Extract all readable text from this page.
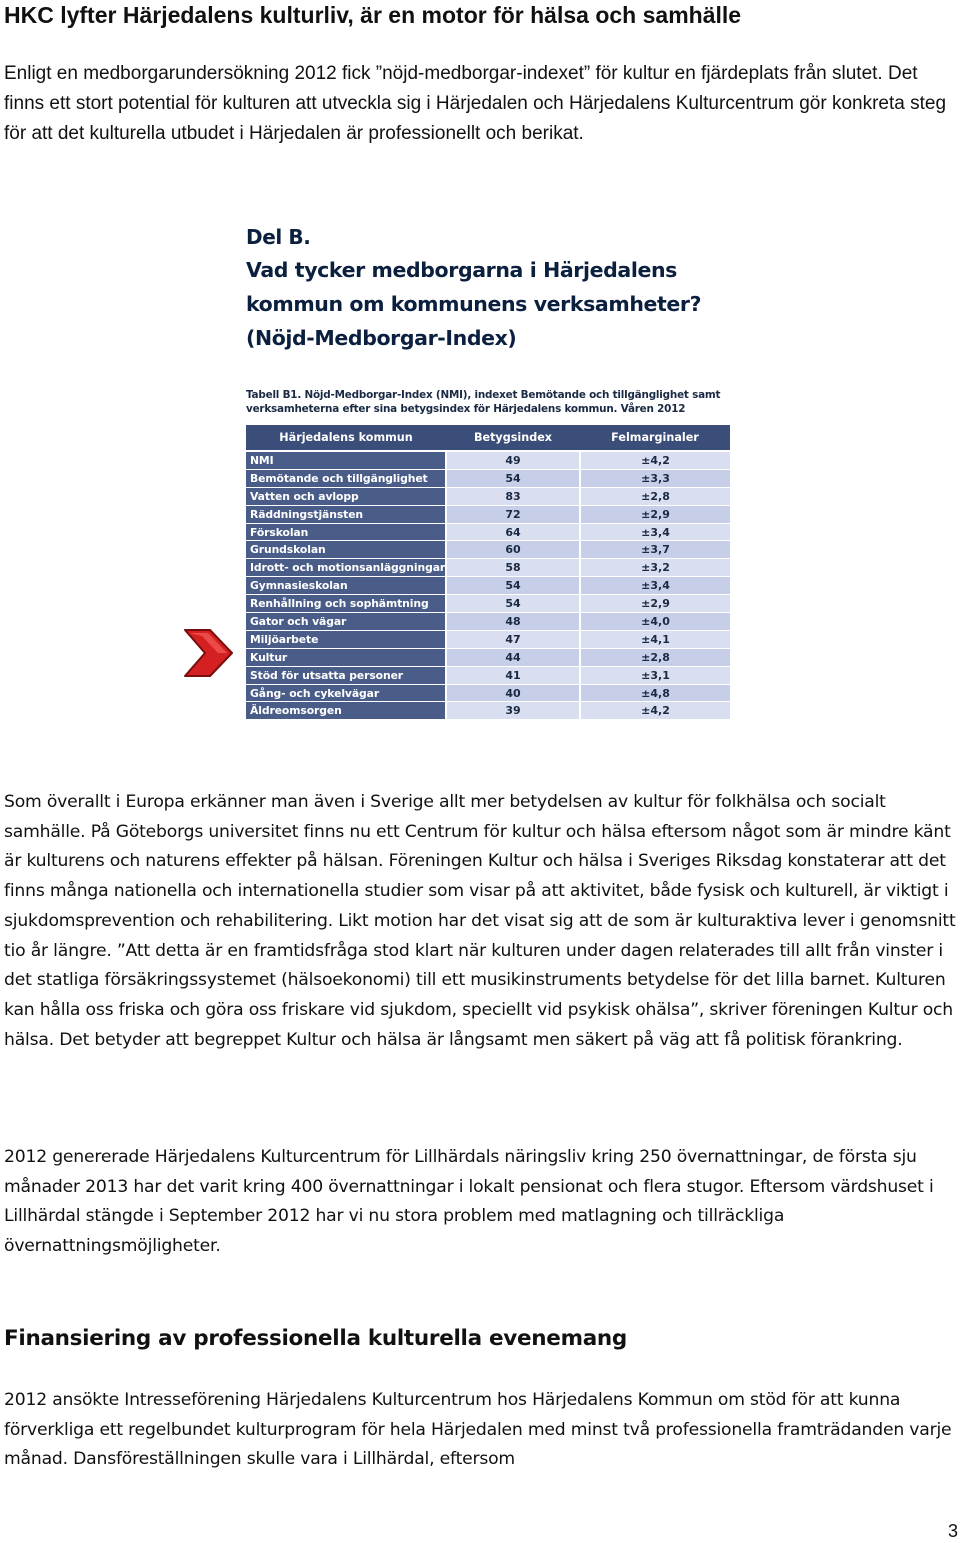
HKC lyfter Härjedalens kulturliv, är en motor för hälsa och samhälle

Enligt en medborgarundersökning 2012 fick ”nöjd-medborgar-indexet” för kultur en fjärdeplats från slutet. Det finns ett stort potential för kulturen att utveckla sig i Härjedalen och Härjedalens Kulturcentrum gör konkreta steg för att det kulturella utbudet i Härjedalen är professionellt och berikat.

Del B.
Vad tycker medborgarna i Härjedalens
kommun om kommunens verksamheter?
(Nöjd-Medborgar-Index)
Tabell B1. Nöjd-Medborgar-Index (NMI), indexet Bemötande och tillgänglighet samt
verksamheterna efter sina betygsindex för Härjedalens kommun. Våren 2012
Härjedalens kommun	Betygsindex	Felmarginaler
NMI	49	±4,2
Bemötande och tillgänglighet	54	±3,3
Vatten och avlopp	83	±2,8
Räddningstjänsten	72	±2,9
Förskolan	64	±3,4
Grundskolan	60	±3,7
Idrott- och motionsanläggningar	58	±3,2
Gymnasieskolan	54	±3,4
Renhållning och sophämtning	54	±2,9
Gator och vägar	48	±4,0
Miljöarbete	47	±4,1
Kultur	44	±2,8
Stöd för utsatta personer	41	±3,1
Gång- och cykelvägar	40	±4,8
Äldreomsorgen	39	±4,2

Som överallt i Europa erkänner man även i Sverige allt mer betydelsen av kultur för folkhälsa och socialt samhälle. På Göteborgs universitet finns nu ett Centrum för kultur och hälsa eftersom något som är mindre känt är kulturens och naturens effekter på hälsan. Föreningen Kultur och hälsa i Sveriges Riksdag konstaterar att det finns många nationella och internationella studier som visar på att aktivitet, både fysisk och kulturell, är viktigt i sjukdomsprevention och rehabilitering. Likt motion har det visat sig att de som är kulturaktiva lever i genomsnitt tio år längre. ”Att detta är en framtidsfråga stod klart när kulturen under dagen relaterades till allt från vinster i det statliga försäkringssystemet (hälsoekonomi) till ett musikinstruments betydelse för det lilla barnet. Kulturen kan hålla oss friska och göra oss friskare vid sjukdom, speciellt vid psykisk ohälsa”, skriver föreningen Kultur och hälsa. Det betyder att begreppet Kultur och hälsa är långsamt men säkert på väg att få politisk förankring.

2012 genererade Härjedalens Kulturcentrum för Lillhärdals näringsliv kring 250 övernattningar, de första sju månader 2013 har det varit kring 400 övernattningar i lokalt pensionat och flera stugor. Eftersom värdshuset i Lillhärdal stängde i September 2012 har vi nu stora problem med matlagning och tillräckliga övernattningsmöjligheter.

Finansiering av professionella kulturella evenemang

2012 ansökte Intresseförening Härjedalens Kulturcentrum hos Härjedalens Kommun om stöd för att kunna förverkliga ett regelbundet kulturprogram för hela Härjedalen med minst två professionella framträdanden varje månad. Dansföreställningen skulle vara i Lillhärdal, eftersom

3
